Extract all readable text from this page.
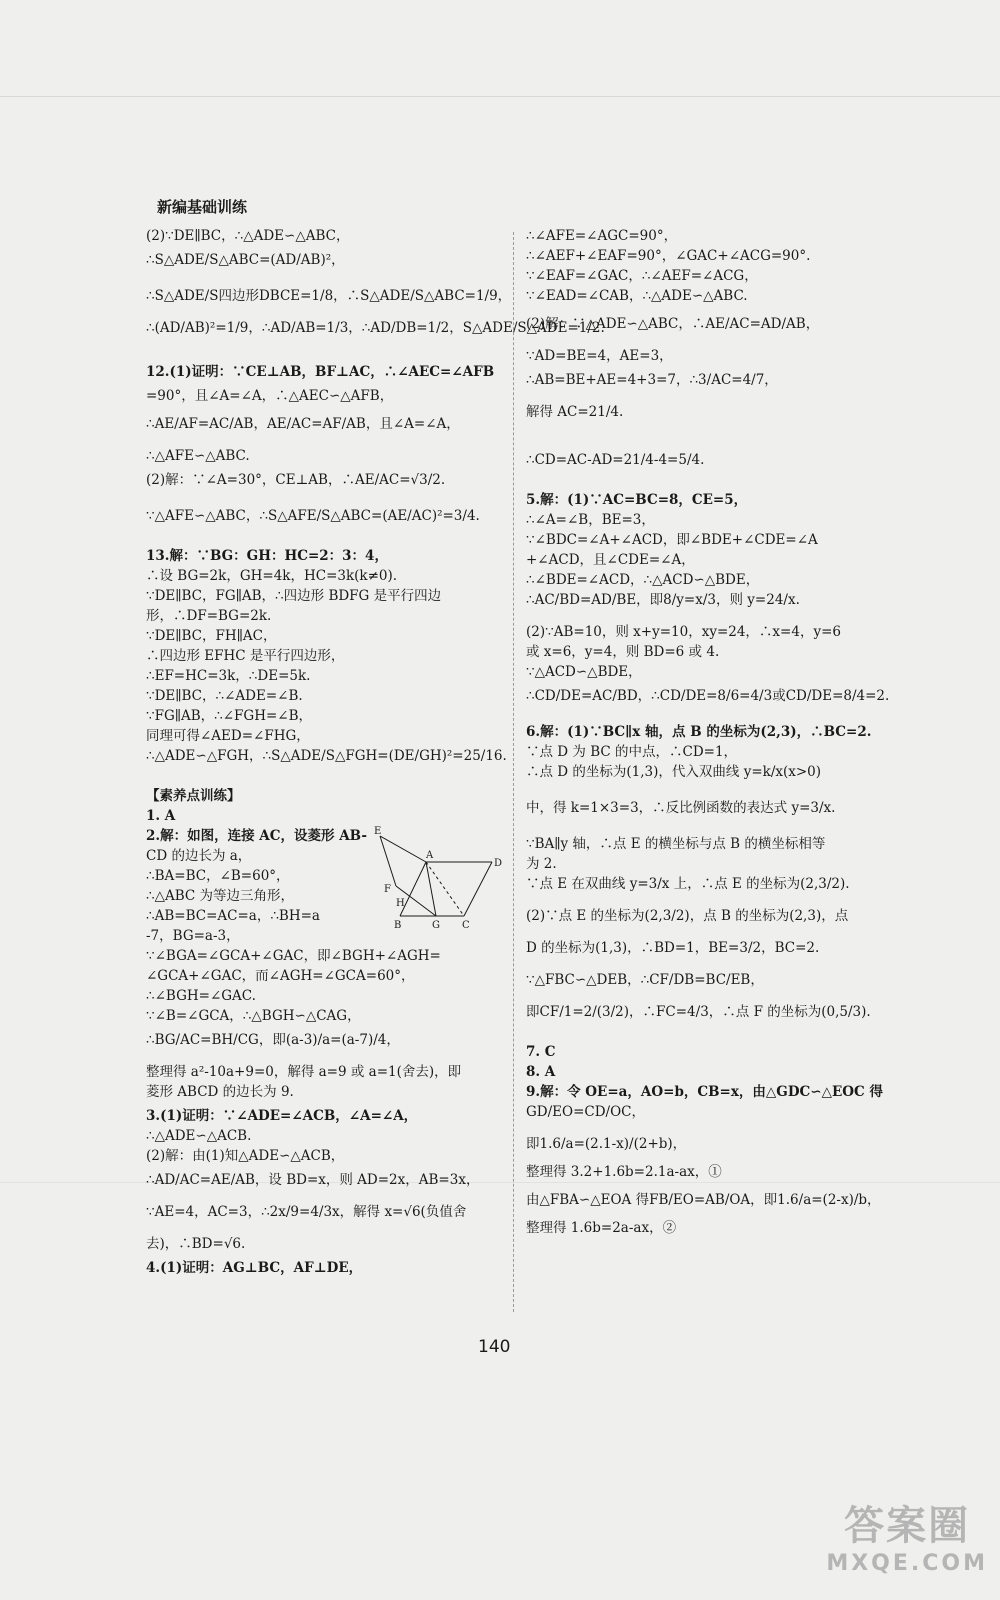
新编基础训练
(2)∵DE∥BC，∴△ADE∽△ABC，
∴S△ADE/S△ABC=(AD/AB)²，
∴S△ADE/S四边形DBCE=1/8，∴S△ADE/S△ABC=1/9，
∴(AD/AB)²=1/9，∴AD/AB=1/3，∴AD/DB=1/2，S△ADE/S△ADE=1/2.
12.(1)证明：∵CE⊥AB，BF⊥AC，∴∠AEC=∠AFB
=90°，且∠A=∠A，∴△AEC∽△AFB，
∴AE/AF=AC/AB，AE/AC=AF/AB，且∠A=∠A，
∴△AFE∽△ABC.
(2)解：∵∠A=30°，CE⊥AB，∴AE/AC=√3/2.
∵△AFE∽△ABC，∴S△AFE/S△ABC=(AE/AC)²=3/4.
13.解：∵BG：GH：HC=2：3：4，
∴设 BG=2k，GH=4k，HC=3k(k≠0).
∵DE∥BC，FG∥AB，∴四边形 BDFG 是平行四边
形，∴DF=BG=2k.
∵DE∥BC，FH∥AC，
∴四边形 EFHC 是平行四边形，
∴EF=HC=3k，∴DE=5k.
∵DE∥BC，∴∠ADE=∠B.
∵FG∥AB，∴∠FGH=∠B，
同理可得∠AED=∠FHG，
∴△ADE∽△FGH，∴S△ADE/S△FGH=(DE/GH)²=25/16.
【素养点训练】
1. A
2.解：如图，连接 AC，设菱形 AB-
CD 的边长为 a，
∴BA=BC，∠B=60°，
∴△ABC 为等边三角形，
∴AB=BC=AC=a，∴BH=a
-7，BG=a-3，
∵∠BGA=∠GCA+∠GAC，即∠BGH+∠AGH=
∠GCA+∠GAC，而∠AGH=∠GCA=60°，
∴∠BGH=∠GAC.
∵∠B=∠GCA，∴△BGH∽△CAG，
∴BG/AC=BH/CG，即(a-3)/a=(a-7)/4，
整理得 a²-10a+9=0，解得 a=9 或 a=1(舍去)，即
菱形 ABCD 的边长为 9.
3.(1)证明：∵∠ADE=∠ACB，∠A=∠A，
∴△ADE∽△ACB.
(2)解：由(1)知△ADE∽△ACB，
∴AD/AC=AE/AB，设 BD=x，则 AD=2x，AB=3x，
∵AE=4，AC=3，∴2x/9=4/3x，解得 x=√6(负值舍
去)，∴BD=√6.
4.(1)证明：AG⊥BC，AF⊥DE，
∴∠AFE=∠AGC=90°，
∴∠AEF+∠EAF=90°，∠GAC+∠ACG=90°.
∵∠EAF=∠GAC，∴∠AEF=∠ACG，
∵∠EAD=∠CAB，∴△ADE∽△ABC.
(2)解：∵△ADE∽△ABC，∴AE/AC=AD/AB，
∵AD=BE=4，AE=3，
∴AB=BE+AE=4+3=7，∴3/AC=4/7，
解得 AC=21/4.
∴CD=AC-AD=21/4-4=5/4.
5.解：(1)∵AC=BC=8，CE=5，
∴∠A=∠B，BE=3，
∵∠BDC=∠A+∠ACD，即∠BDE+∠CDE=∠A
+∠ACD，且∠CDE=∠A，
∴∠BDE=∠ACD，∴△ACD∽△BDE，
∴AC/BD=AD/BE，即8/y=x/3，则 y=24/x.
(2)∵AB=10，则 x+y=10，xy=24，∴x=4，y=6
或 x=6，y=4，则 BD=6 或 4.
∵△ACD∽△BDE，
∴CD/DE=AC/BD，∴CD/DE=8/6=4/3或CD/DE=8/4=2.
6.解：(1)∵BC∥x 轴，点 B 的坐标为(2,3)，∴BC=2.
∵点 D 为 BC 的中点，∴CD=1，
∴点 D 的坐标为(1,3)，代入双曲线 y=k/x(x>0)
中，得 k=1×3=3，∴反比例函数的表达式 y=3/x.
∵BA∥y 轴，∴点 E 的横坐标与点 B 的横坐标相等
为 2.
∵点 E 在双曲线 y=3/x 上，∴点 E 的坐标为(2,3/2).
(2)∵点 E 的坐标为(2,3/2)，点 B 的坐标为(2,3)，点
D 的坐标为(1,3)，∴BD=1，BE=3/2，BC=2.
∵△FBC∽△DEB，∴CF/DB=BC/EB，
即CF/1=2/(3/2)，∴FC=4/3，∴点 F 的坐标为(0,5/3).
7. C
8. A
9.解：令 OE=a，AO=b，CB=x，由△GDC∽△EOC 得
GD/EO=CD/OC，
即1.6/a=(2.1-x)/(2+b)，
整理得 3.2+1.6b=2.1a-ax，①
由△FBA∽△EOA 得FB/EO=AB/OA，即1.6/a=(2-x)/b，
整理得 1.6b=2a-ax，②
E
A
D
F
H
B	G C
140
答案圈
MXQE.COM
